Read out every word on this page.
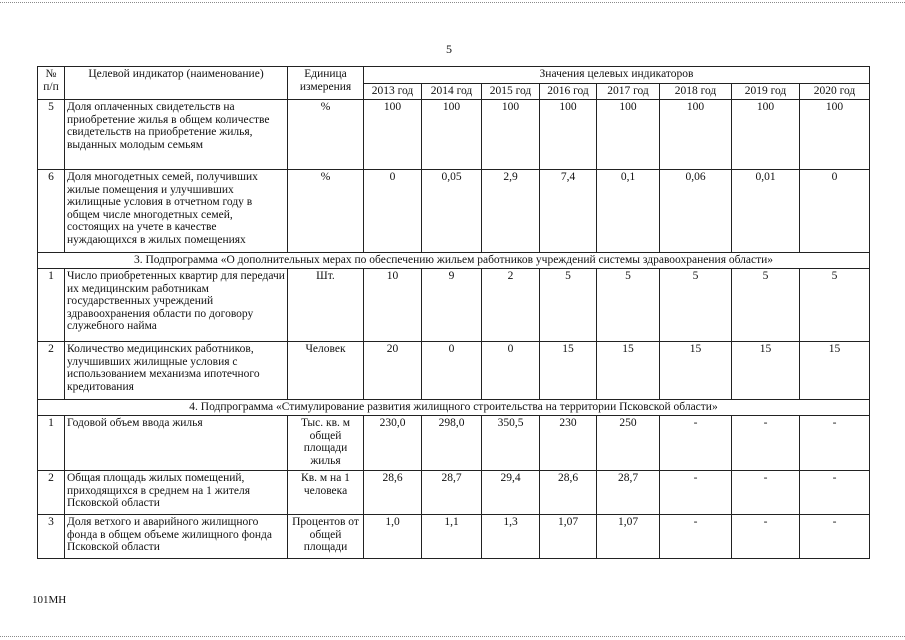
5
№ п/п	Целевой индикатор (наименование)	Единица измерения	Значения целевых индикаторов							
			2013 год	2014 год	2015 год	2016 год	2017 год	2018 год	2019 год	2020 год
5	Доля оплаченных свидетельств на приобретение жилья в общем количестве свидетельств на приобретение жилья, выданных молодым семьям	%	100	100	100	100	100	100	100	100
6	Доля многодетных семей, получивших жилые помещения и улучшивших жилищные условия в отчетном году в общем числе многодетных семей, состоящих на учете в качестве нуждающихся в жилых помещениях	%	0	0,05	2,9	7,4	0,1	0,06	0,01	0
3. Подпрограмма «О дополнительных мерах по обеспечению жильем работников учреждений системы здравоохранения области»										
1	Число приобретенных квартир для передачи их медицинским работникам государственных учреждений здравоохранения области по договору служебного найма	Шт.	10	9	2	5	5	5	5	5
2	Количество медицинских работников, улучшивших жилищные условия с использованием механизма ипотечного кредитования	Человек	20	0	0	15	15	15	15	15
4. Подпрограмма «Стимулирование развития жилищного строительства на территории Псковской области»										
1	Годовой объем ввода жилья	Тыс. кв. м общей площади жилья	230,0	298,0	350,5	230	250	-	-	-
2	Общая площадь жилых помещений, приходящихся в среднем на 1 жителя Псковской области	Кв. м на 1 человека	28,6	28,7	29,4	28,6	28,7	-	-	-
3	Доля ветхого и аварийного жилищного фонда в общем объеме жилищного фонда Псковской области	Процентов от общей площади	1,0	1,1	1,3	1,07	1,07	-	-	-
101МН
